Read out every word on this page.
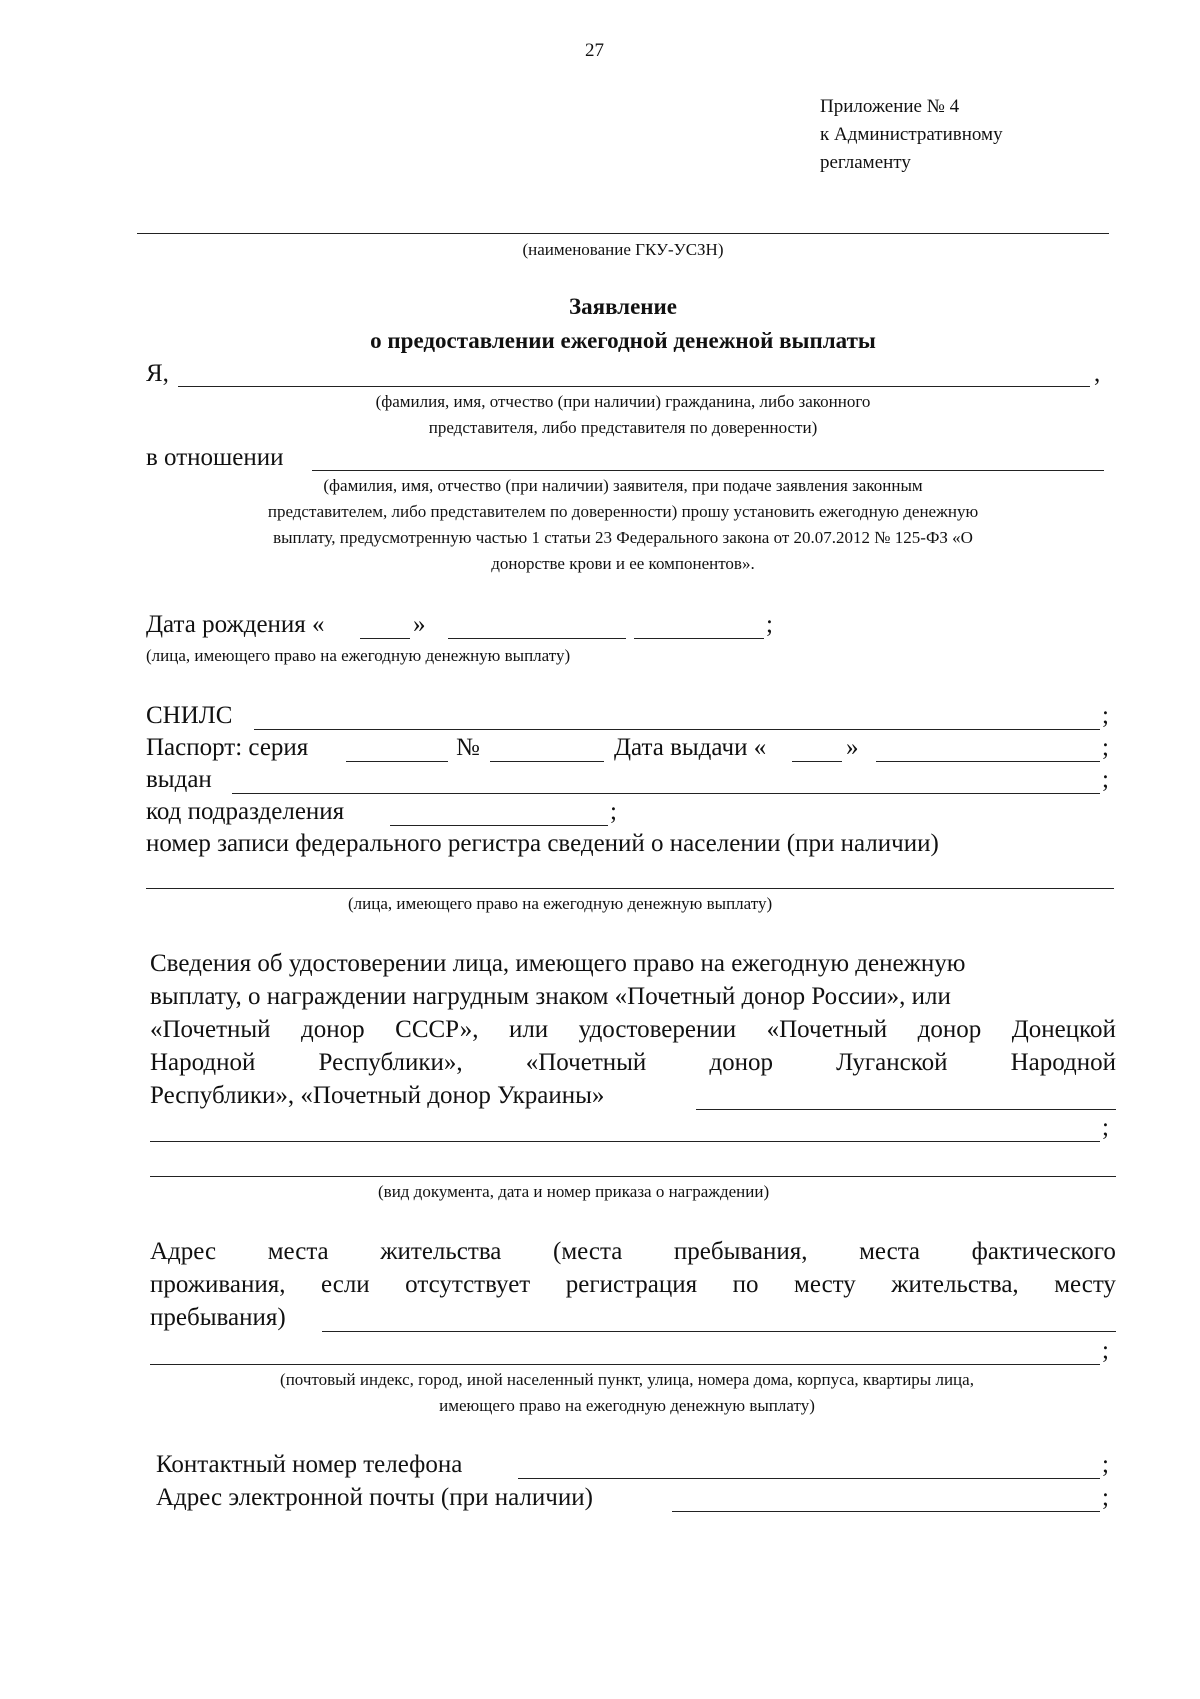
27
Приложение № 4
к Административному
регламенту
(наименование ГКУ-УСЗН)
Заявление
о предоставлении ежегодной денежной выплаты
Я,	,
(фамилия, имя, отчество (при наличии) гражданина, либо законного
представителя, либо представителя по доверенности)
в отношении
(фамилия, имя, отчество (при наличии) заявителя, при подаче заявления законным
представителем, либо представителем по доверенности) прошу установить ежегодную денежную
выплату, предусмотренную частью 1 статьи 23 Федерального закона от 20.07.2012 № 125-ФЗ «О
донорстве крови и ее компонентов».
Дата рождения «	»	;
(лица, имеющего право на ежегодную денежную выплату)
СНИЛС	;
Паспорт: серия	№	Дата выдачи «	»	;
выдан	;
код подразделения	;
номер записи федерального регистра сведений о населении (при наличии)
(лица, имеющего право на ежегодную денежную выплату)
Сведения об удостоверении лица, имеющего право на ежегодную денежную
выплату, о награждении нагрудным знаком «Почетный донор России», или
«Почетный донор СССР», или удостоверении «Почетный донор Донецкой
Народной	Республики»,	«Почетный	донор	Луганской	Народной
Республики», «Почетный донор Украины»
;
(вид документа, дата и номер приказа о награждении)
Адрес места жительства (места пребывания, места фактического
проживания, если отсутствует регистрация по месту жительства, месту
пребывания)
;
(почтовый индекс, город, иной населенный пункт, улица, номера дома, корпуса, квартиры лица,
имеющего право на ежегодную денежную выплату)
Контактный номер телефона	;
Адрес электронной почты (при наличии)	;
